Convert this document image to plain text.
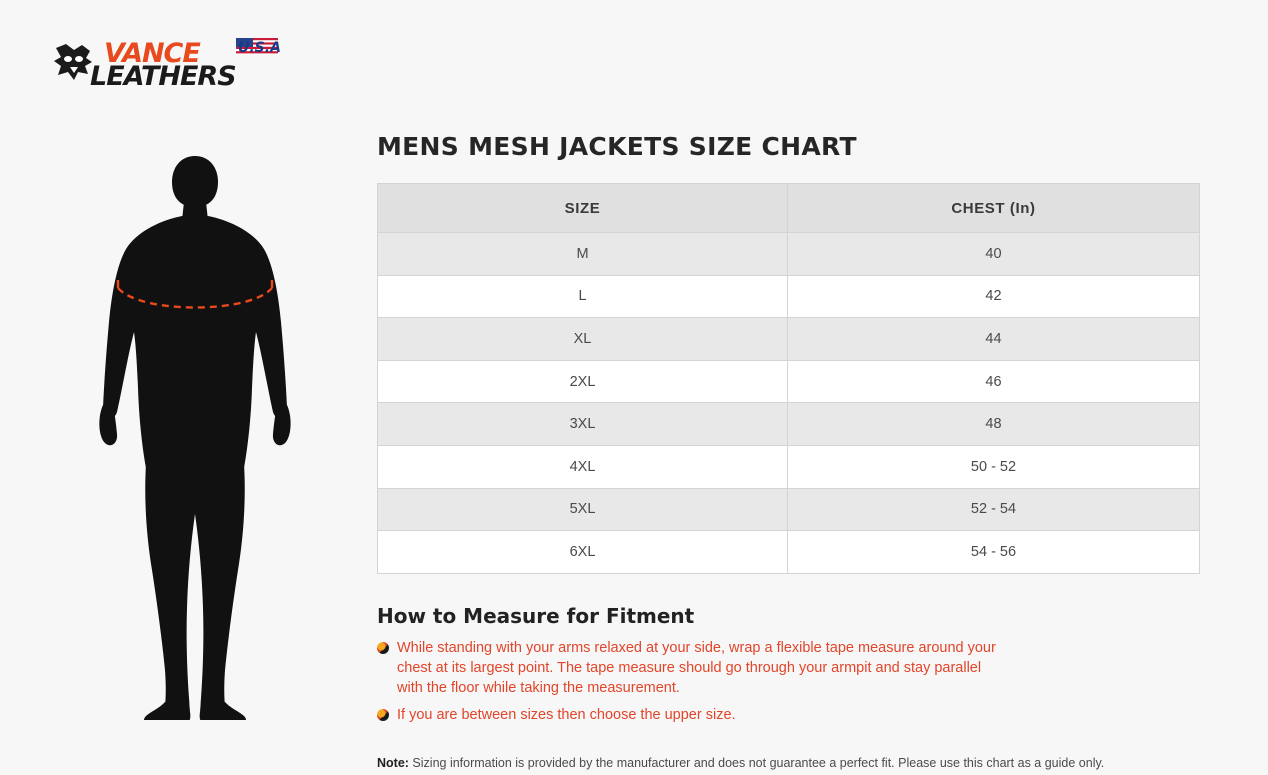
VANCE	U.S.A
LEATHERS
MENS MESH JACKETS SIZE CHART
SIZE	CHEST (In)
M	40
L	42
XL	44
2XL	46
3XL	48
4XL	50 - 52
5XL	52 - 54
6XL	54 - 56
How to Measure for Fitment
While standing with your arms relaxed at your side, wrap a flexible tape measure around your chest at its largest point. The tape measure should go through your armpit and stay parallel with the floor while taking the measurement.
If you are between sizes then choose the upper size.
Note: Sizing information is provided by the manufacturer and does not guarantee a perfect fit. Please use this chart as a guide only.
